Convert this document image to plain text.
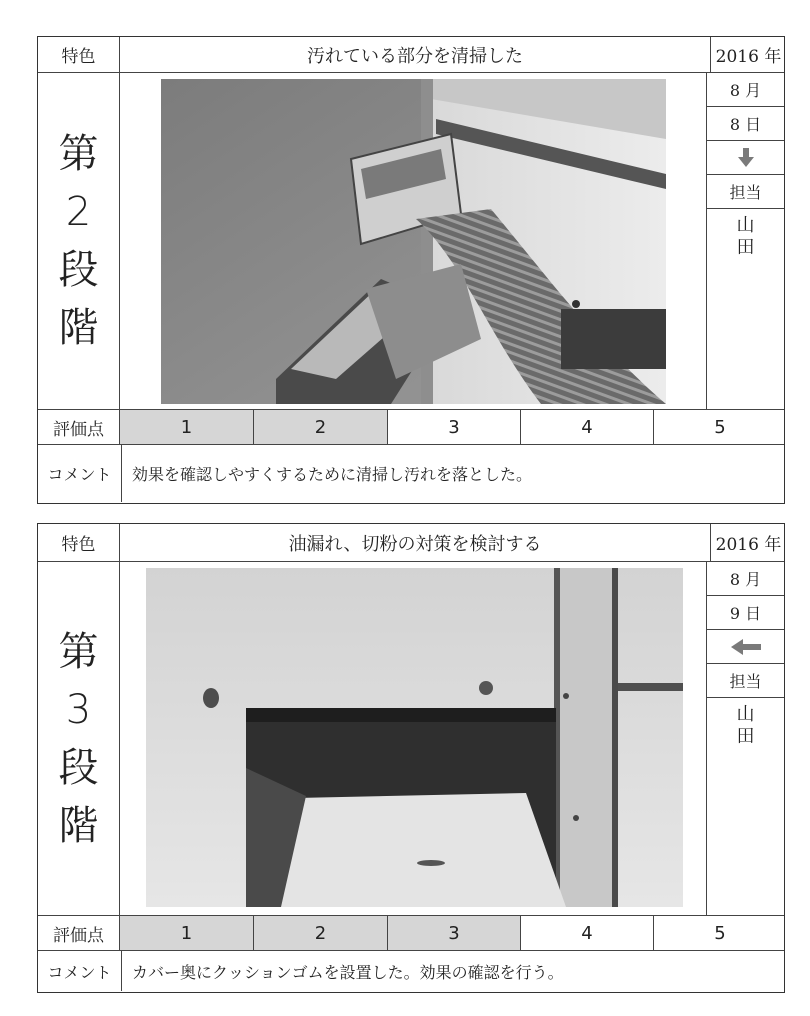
特色	汚れている部分を清掃した	2016 年
第
2
段
階
8 月
8 日
担当
山
田
評価点	1	2	3	4	5
コメント	効果を確認しやすくするために清掃し汚れを落とした。
特色	油漏れ、切粉の対策を検討する	2016 年
第
3
段
階
8 月
9 日
担当
山
田
評価点	1	2	3	4	5
コメント	カバー奥にクッションゴムを設置した。効果の確認を行う。
